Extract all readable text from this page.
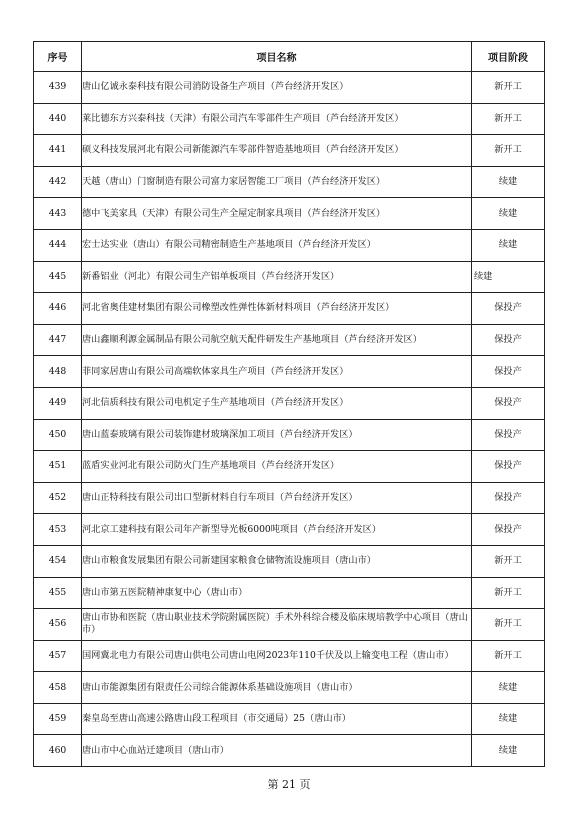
序号	项目名称	项目阶段
439	唐山亿诚永泰科技有限公司消防设备生产项目（芦台经济开发区）	新开工
440	莱比德东方兴泰科技（天津）有限公司汽车零部件生产项目（芦台经济开发区）	新开工
441	硕义科技发展河北有限公司新能源汽车零部件智造基地项目（芦台经济开发区）	新开工
442	天越（唐山）门窗制造有限公司富力家居智能工厂项目（芦台经济开发区）	续建
443	德中飞美家具（天津）有限公司生产全屋定制家具项目（芦台经济开发区）	续建
444	宏士达实业（唐山）有限公司精密制造生产基地项目（芦台经济开发区）	续建
445	新番铝业（河北）有限公司生产铝单板项目（芦台经济开发区）	续建
446	河北省奥佳建材集团有限公司橡塑改性弹性体新材料项目（芦台经济开发区）	保投产
447	唐山鑫顺利源金属制品有限公司航空航天配件研发生产基地项目（芦台经济开发区）	保投产
448	菲同家居唐山有限公司高端软体家具生产项目（芦台经济开发区）	保投产
449	河北信质科技有限公司电机定子生产基地项目（芦台经济开发区）	保投产
450	唐山蓝泰玻璃有限公司装饰建材玻璃深加工项目（芦台经济开发区）	保投产
451	蓝盾实业河北有限公司防火门生产基地项目（芦台经济开发区）	保投产
452	唐山正特科技有限公司出口型新材料自行车项目（芦台经济开发区）	保投产
453	河北京工建科技有限公司年产新型导光板6000吨项目（芦台经济开发区）	保投产
454	唐山市粮食发展集团有限公司新建国家粮食仓储物流设施项目（唐山市）	新开工
455	唐山市第五医院精神康复中心（唐山市）	新开工
456	唐山市协和医院（唐山职业技术学院附属医院）手术外科综合楼及临床规培教学中心项目（唐山市）	新开工
457	国网冀北电力有限公司唐山供电公司唐山电网2023年110千伏及以上输变电工程（唐山市）	新开工
458	唐山市能源集团有限责任公司综合能源体系基础设施项目（唐山市）	续建
459	秦皇岛至唐山高速公路唐山段工程项目（市交通局）25（唐山市）	续建
460	唐山市中心血站迁建项目（唐山市）	续建
第 21 页
